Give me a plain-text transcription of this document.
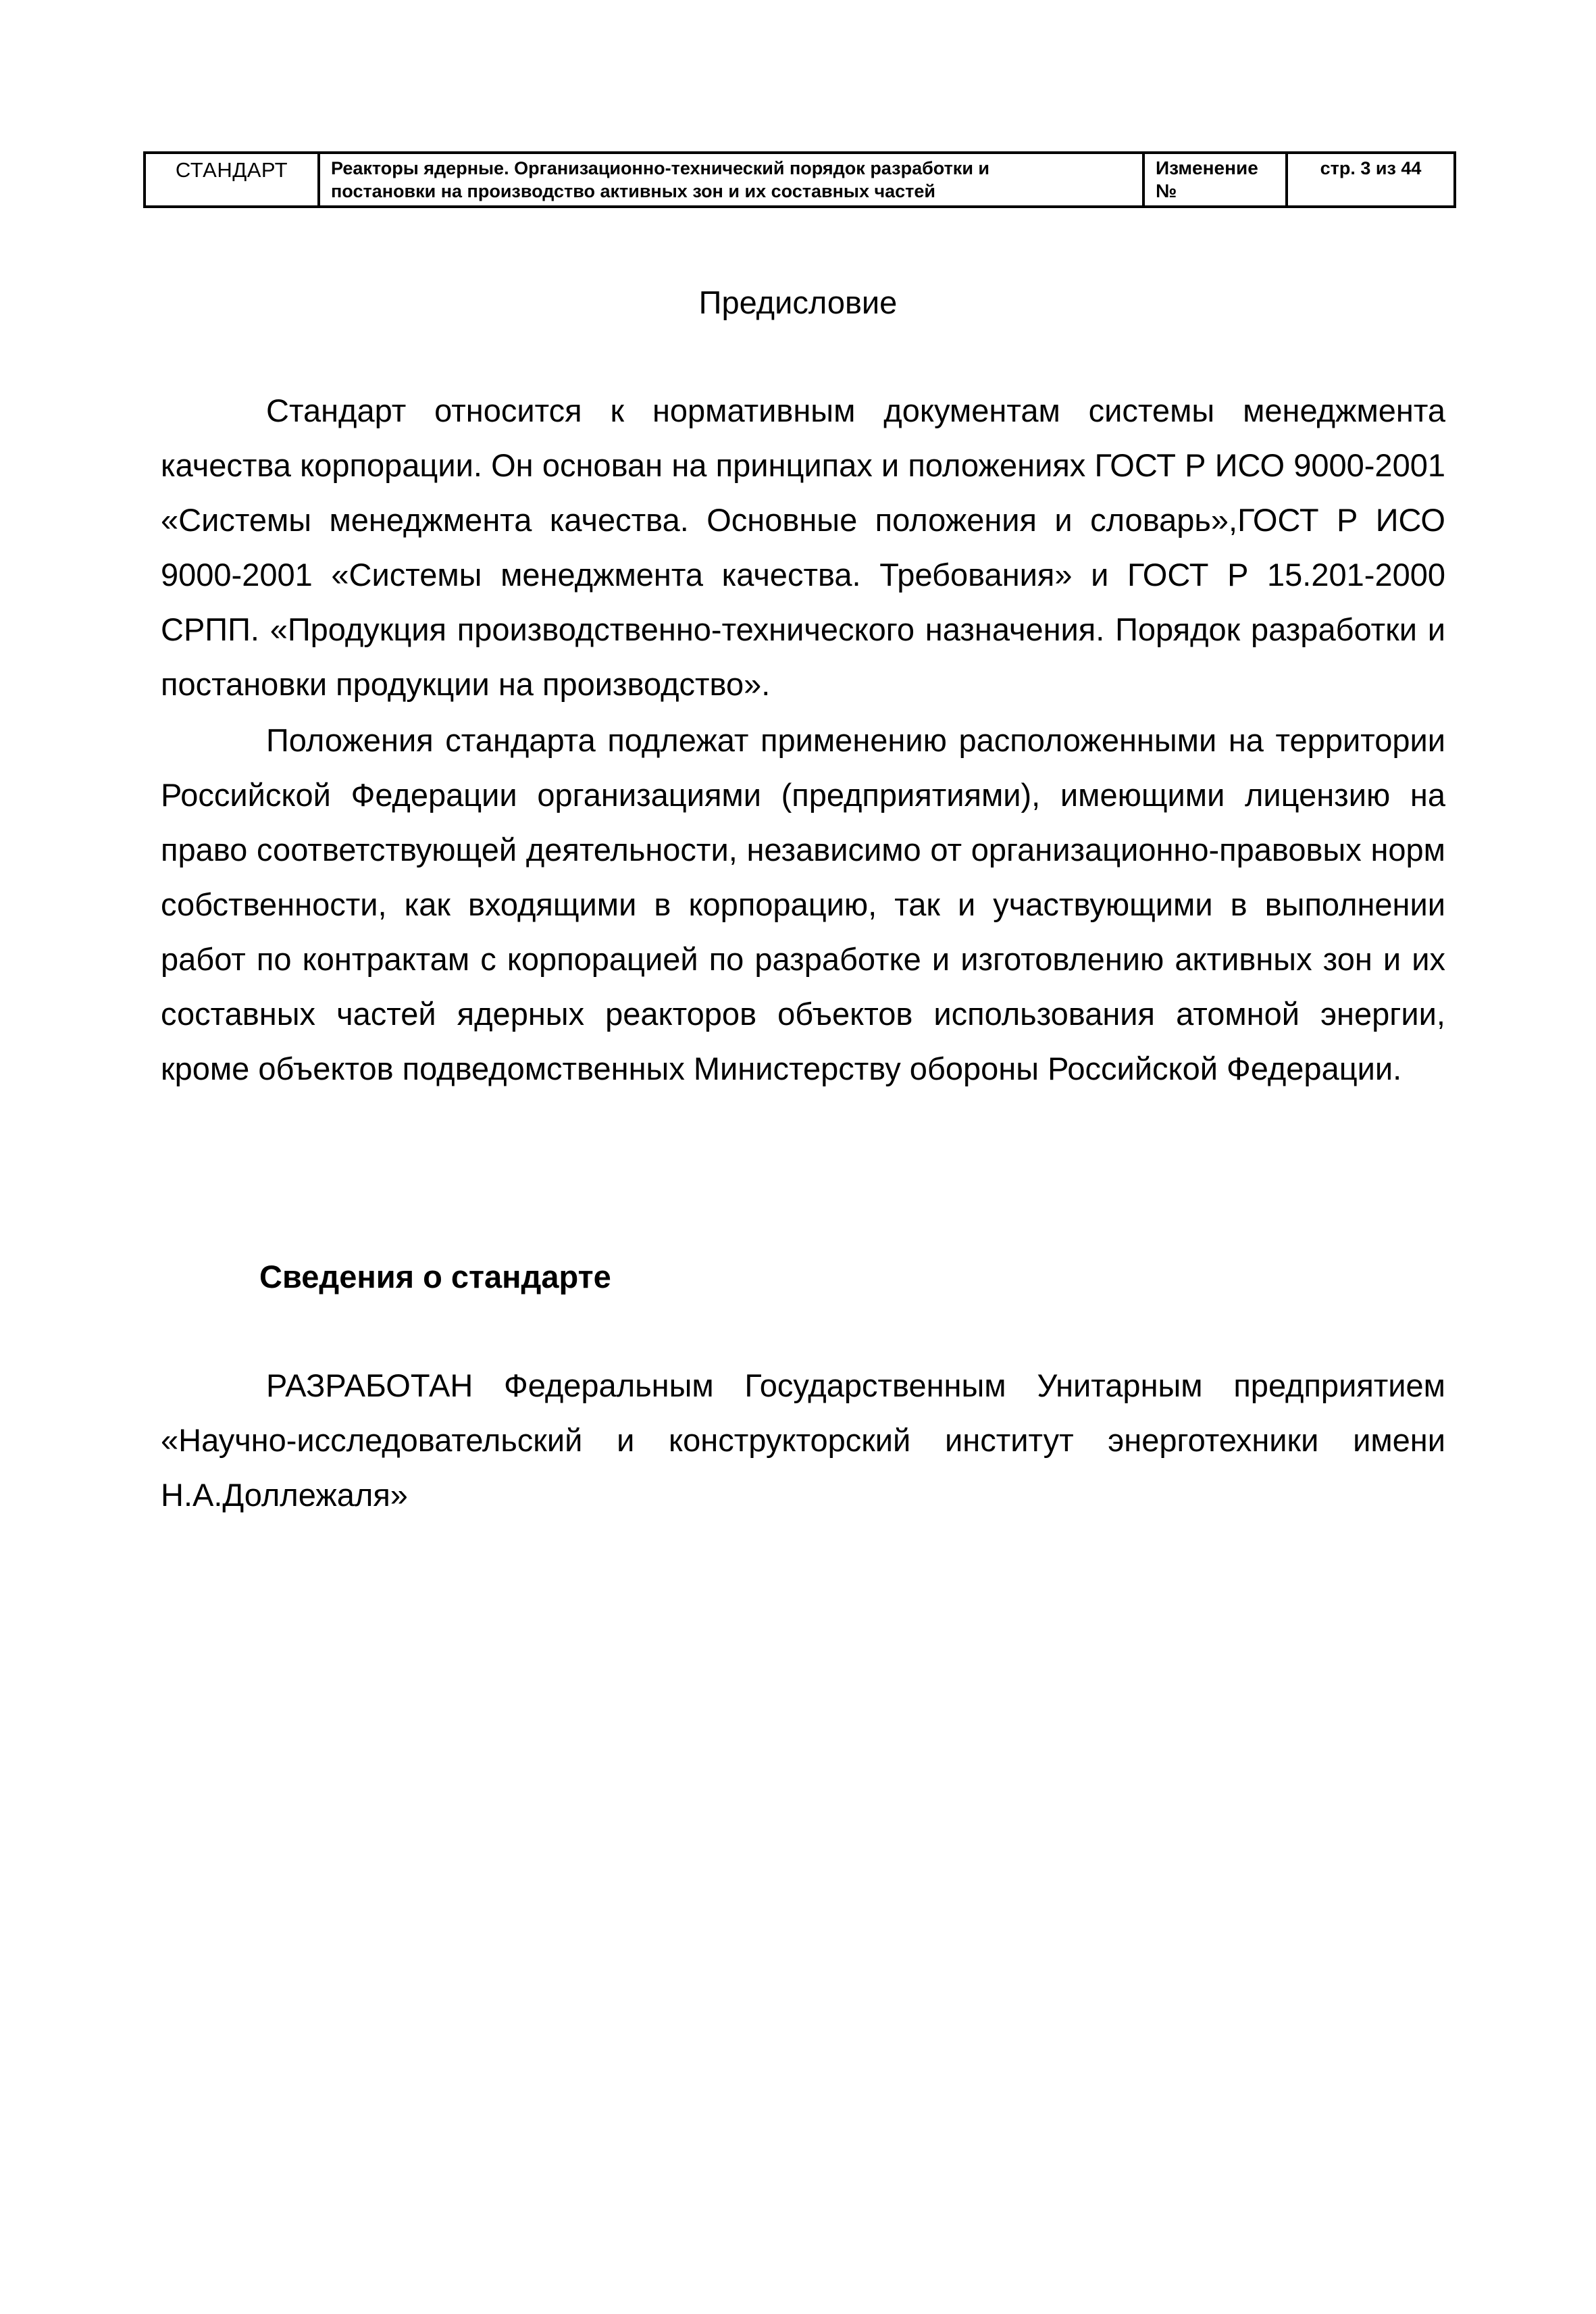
СТАНДАРТ	Реакторы ядерные. Организационно-технический порядок разработки и
постановки на производство активных зон и их составных частей
Изменение
№
стр. 3 из 44
Предисловие

Стандарт относится к нормативным документам системы менеджмента качества корпорации. Он основан на принципах и положениях ГОСТ Р ИСО 9000-2001 «Системы менеджмента качества. Основные положения и словарь»,ГОСТ Р ИСО 9000-2001 «Системы менеджмента качества. Требования» и ГОСТ Р 15.201-2000 СРПП. «Продукция производственно-технического назначения. Порядок разработки и постановки продукции на производство».

Положения стандарта подлежат применению расположенными на территории Российской Федерации организациями (предприятиями), имеющими лицензию на право соответствующей деятельности, независимо от организационно-правовых норм собственности, как входящими в корпорацию, так и участвующими в выполнении работ по контрактам с корпорацией по разработке и изготовлению активных зон и их составных частей ядерных реакторов объектов использования атомной энергии, кроме объектов подведомственных Министерству обороны Российской Федерации.

Сведения о стандарте

РАЗРАБОТАН Федеральным Государственным Унитарным предприятием «Научно-исследовательский и конструкторский институт энерготехники имени Н.А.Доллежаля»
